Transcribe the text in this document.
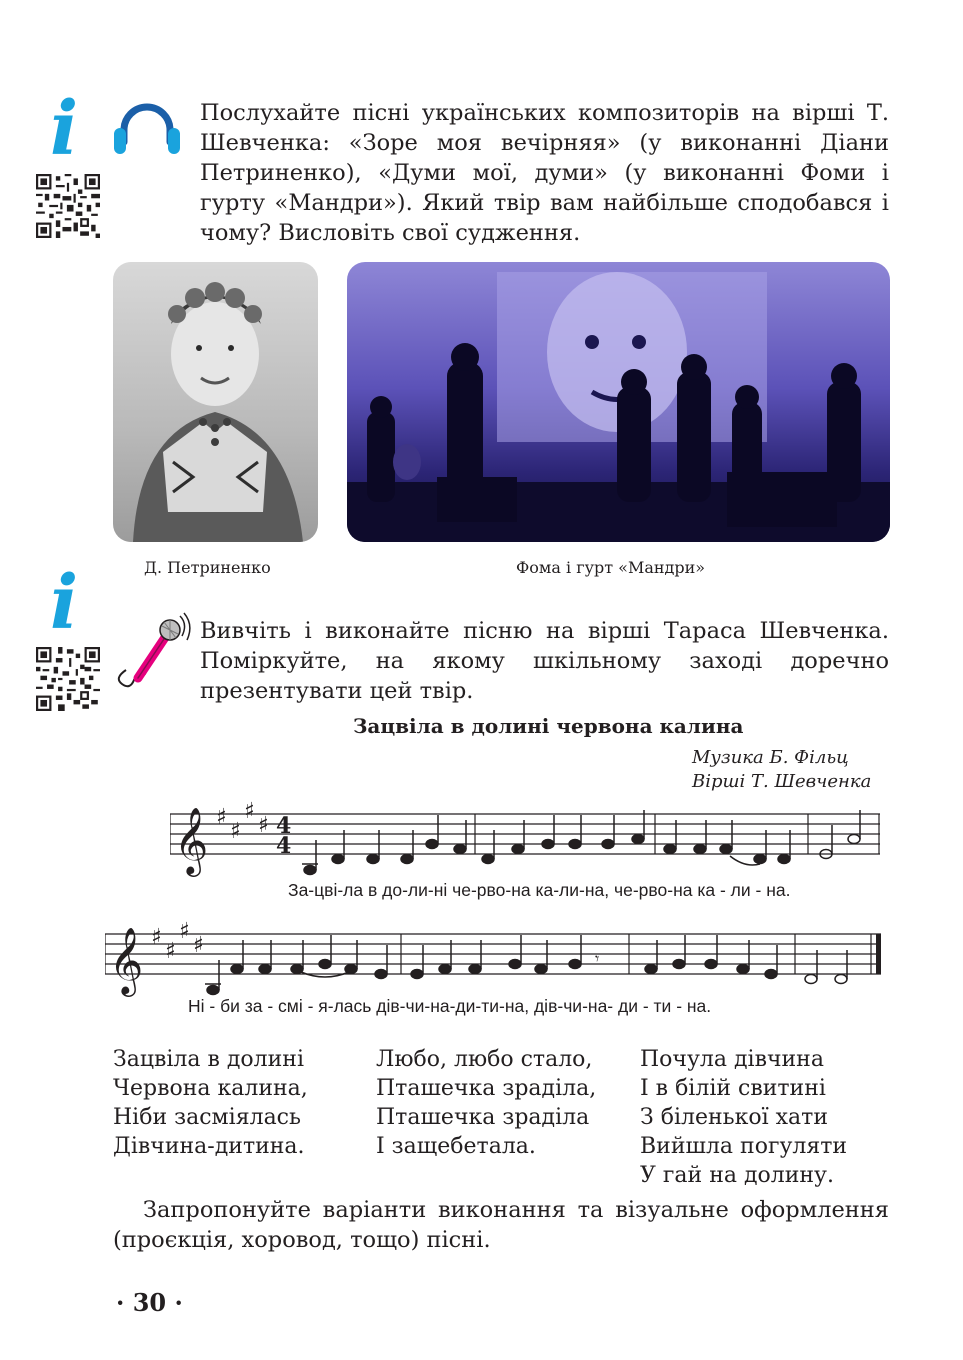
i	Послухайте пісні українських композиторів на вірші Т. Шевченка: «Зоре моя вечірняя» (у виконанні Діани Петриненко), «Думи мої, думи» (у виконанні Фоми і гурту «Мандри»). Який твір вам найбільше сподобався і чому? Висловіть свої судження.
Д. Петриненко	Фома і гурт «Мандри»
i	Вивчіть і виконайте пісню на вірші Тараса Шевченка. Поміркуйте, на якому шкільному заході доречно презентувати цей твір.
Зацвіла в долині червона калина
Музика Б. Фільц
Вірші Т. Шевченка
𝄞 ♯
♯
♯
♯ 4
4
За-цві-ла в до-ли-ні че-рво-на ка-ли-на, че-рво-на ка - ли - на.
𝄞 ♯
♯
♯
♯
𝄾
Ні - би за - смі - я-лась дів-чи-на-ди-ти-на, дів-чи-на- ди - ти - на.
Зацвіла в долині
Червона калина,
Ніби засміялась
Дівчина-дитина.
Любо, любо стало,
Пташечка зраділа,
Пташечка зраділа
І защебетала.
Почула дівчина
І в білій свитині
З біленької хати
Вийшла погуляти
У гай на долину.
Запропонуйте варіанти виконання та візуальне оформлення (проєкція, хоровод, тощо) пісні.
· 30 ·
